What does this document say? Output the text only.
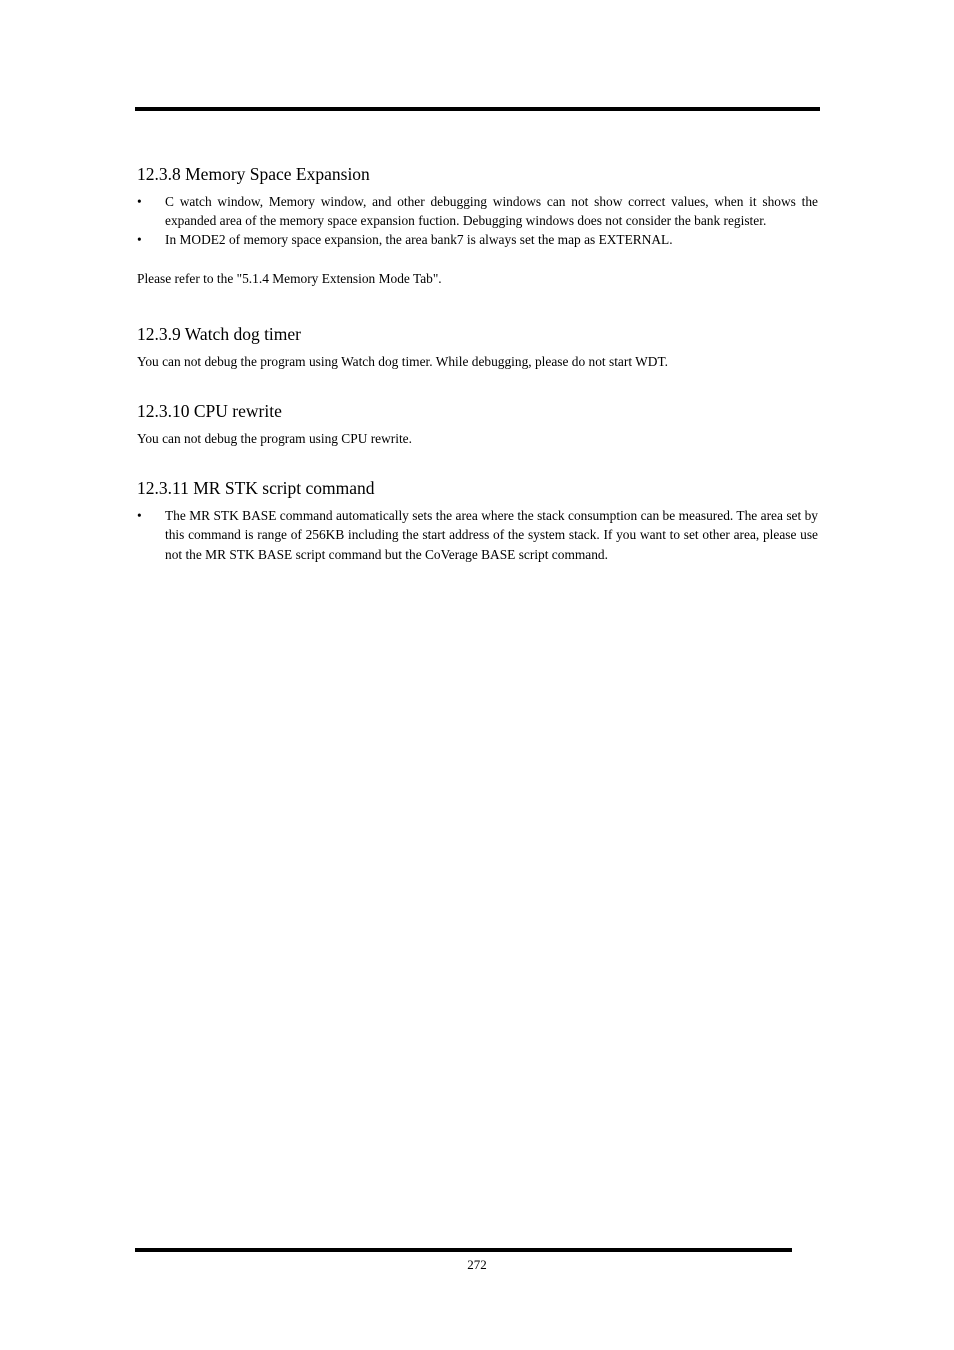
12.3.8 Memory Space Expansion
•	C watch window, Memory window, and other debugging windows can not show correct values, when it shows the expanded area of the memory space expansion fuction. Debugging windows does not consider the bank register.
•	In MODE2 of memory space expansion, the area bank7 is always set the map as EXTERNAL.

Please refer to the "5.1.4 Memory Extension Mode Tab".

12.3.9 Watch dog timer

You can not debug the program using Watch dog timer. While debugging, please do not start WDT.

12.3.10 CPU rewrite

You can not debug the program using CPU rewrite.

12.3.11 MR STK script command
•	The MR STK BASE command automatically sets the area where the stack consumption can be measured. The area set by this command is range of 256KB including the start address of the system stack. If you want to set other area, please use not the MR STK BASE script command but the CoVerage BASE script command.
272
